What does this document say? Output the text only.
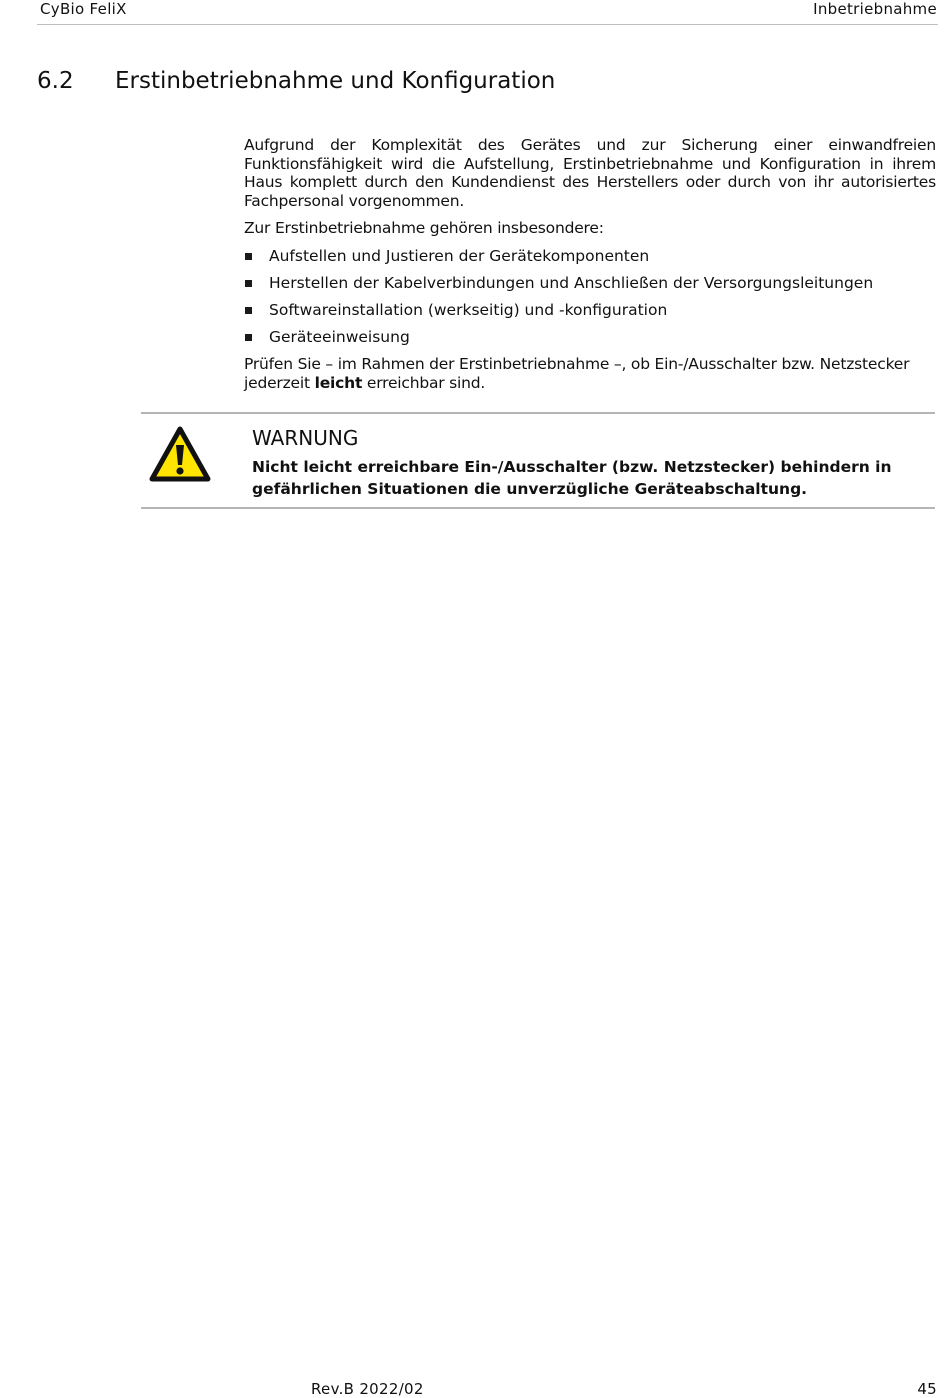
CyBio FeliX	Inbetriebnahme
6.2 Erstinbetriebnahme und Konfiguration

Aufgrund der Komplexität des Gerätes und zur Sicherung einer einwandfreien Funktionsfähigkeit wird die Aufstellung, Erstinbetriebnahme und Konfiguration in ihrem Haus komplett durch den Kundendienst des Herstellers oder durch von ihr autorisiertes Fachpersonal vorgenommen.

Zur Erstinbetriebnahme gehören insbesondere:

Aufstellen und Justieren der Gerätekomponenten
Herstellen der Kabelverbindungen und Anschließen der Versorgungsleitungen
Softwareinstallation (werkseitig) und -konfiguration
Geräteeinweisung

Prüfen Sie – im Rahmen der Erstinbetriebnahme –, ob Ein-/Ausschalter bzw. Netzstecker jederzeit leicht erreichbar sind.

WARNUNG
Nicht leicht erreichbare Ein-/Ausschalter (bzw. Netzstecker) behindern in gefährlichen Situationen die unverzügliche Geräteabschaltung.
Rev.B 2022/02	45
